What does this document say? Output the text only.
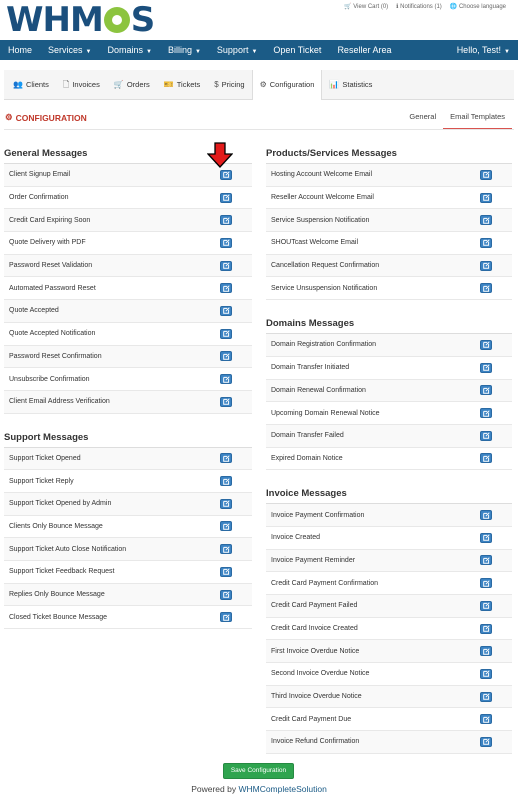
WHM S	🛒 View Cart (0) ℹ Notifications (1) 🌐 Choose language
Home	Services ▼	Domains ▼	Billing ▼	Support ▼	Open Ticket	Reseller Area	Hello, Test! ▼
👥 Clients 🗋 Invoices 🛒 Orders 🎫 Tickets $ Pricing ⚙ Configuration 📊 Statistics
⚙ CONFIGURATION	General	Email Templates
General Messages
Client Signup Email
Order Confirmation
Credit Card Expiring Soon
Quote Delivery with PDF
Password Reset Validation
Automated Password Reset
Quote Accepted
Quote Accepted Notification
Password Reset Confirmation
Unsubscribe Confirmation
Client Email Address Verification
Support Messages
Support Ticket Opened
Support Ticket Reply
Support Ticket Opened by Admin
Clients Only Bounce Message
Support Ticket Auto Close Notification
Support Ticket Feedback Request
Replies Only Bounce Message
Closed Ticket Bounce Message
Products/Services Messages
Hosting Account Welcome Email
Reseller Account Welcome Email
Service Suspension Notification
SHOUTcast Welcome Email
Cancellation Request Confirmation
Service Unsuspension Notification
Domains Messages
Domain Registration Confirmation
Domain Transfer Initiated
Domain Renewal Confirmation
Upcoming Domain Renewal Notice
Domain Transfer Failed
Expired Domain Notice
Invoice Messages
Invoice Payment Confirmation
Invoice Created
Invoice Payment Reminder
Credit Card Payment Confirmation
Credit Card Payment Failed
Credit Card Invoice Created
First Invoice Overdue Notice
Second Invoice Overdue Notice
Third Invoice Overdue Notice
Credit Card Payment Due
Invoice Refund Confirmation
Save Configuration
Powered by WHMCompleteSolution
